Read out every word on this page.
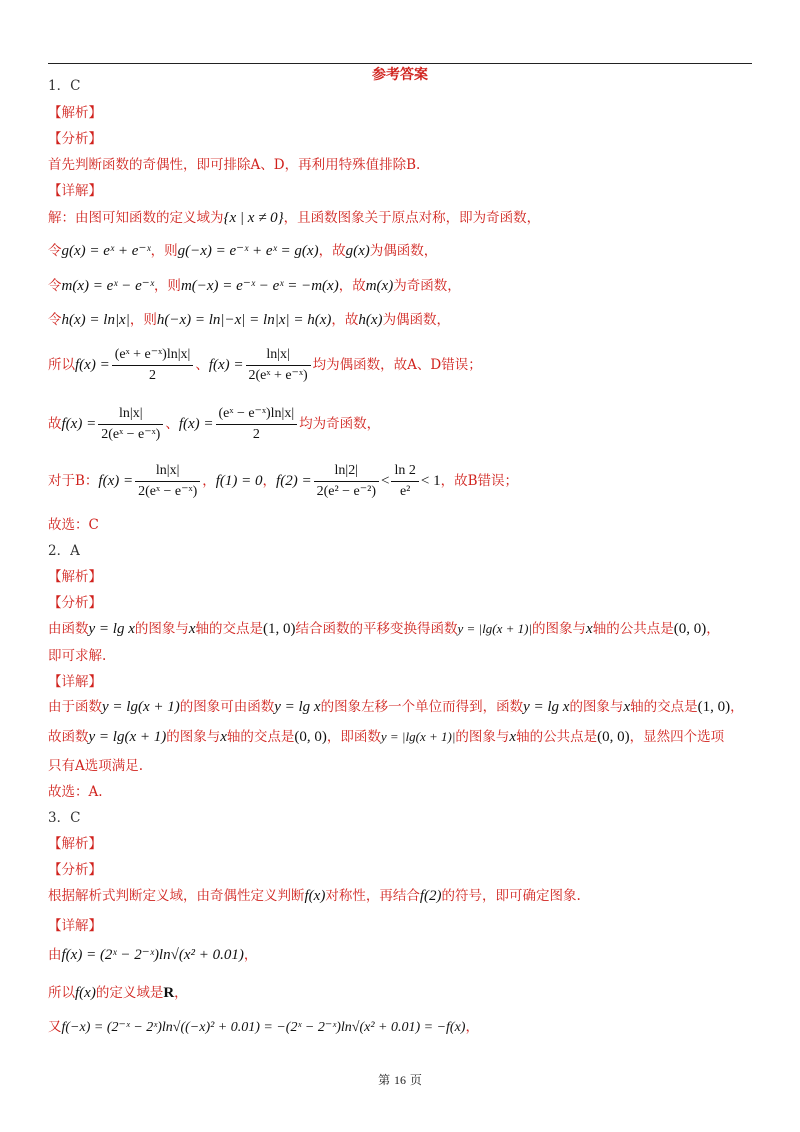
参考答案
1．C
【解析】
【分析】
首先判断函数的奇偶性，即可排除A、D，再利用特殊值排除B.
【详解】
解：由图可知函数的定义域为{x | x ≠ 0}，且函数图象关于原点对称，即为奇函数，
令g(x) = eˣ + e⁻ˣ，则g(−x) = e⁻ˣ + eˣ = g(x)，故g(x)为偶函数，
令m(x) = eˣ − e⁻ˣ，则m(−x) = e⁻ˣ − eˣ = −m(x)，故m(x)为奇函数，
令h(x) = ln|x|，则h(−x) = ln|−x| = ln|x| = h(x)，故h(x)为偶函数，
所以$f(x) = \frac{\text{(eˣ + e⁻ˣ)ln|x|}}{2}$ 、$f(x) = \frac{\ln|x|}{\text{2(eˣ + e⁻ˣ)}}$ 均为偶函数，故A、D错误；
故$f(x) = \frac{\ln|x|}{\text{2(eˣ − e⁻ˣ)}}$ 、$f(x) = \frac{\text{(eˣ − e⁻ˣ)ln|x|}}{2}$ 均为奇函数，
对于B：$f(x) = \frac{\ln|x|}{\text{2(eˣ − e⁻ˣ)}}$ ，f(1) = 0，$f(2) = \frac{\ln|2|}{\text{2(e² − e⁻²)}} < \frac{\ln 2}{\text{e²}} < 1$，故B错误；
故选：C
2．A
【解析】
【分析】
由函数y = lg x的图象与x轴的交点是(1, 0)结合函数的平移变换得函数y = |lg(x + 1)|的图象与x轴的公共点是(0, 0)，
即可求解.
【详解】
由于函数y = lg(x + 1)的图象可由函数y = lg x的图象左移一个单位而得到，函数y = lg x的图象与x轴的交点是(1, 0)，
故函数y = lg(x + 1)的图象与x轴的交点是(0, 0)，即函数y = |lg(x + 1)|的图象与x轴的公共点是(0, 0)，显然四个选项
只有A选项满足.
故选：A.
3．C
【解析】
【分析】
根据解析式判断定义域，由奇偶性定义判断f(x)对称性，再结合f(2)的符号，即可确定图象.
【详解】
由f(x) = (2ˣ − 2⁻ˣ)ln√(x² + 0.01)，
所以f(x)的定义域是R，
又f(−x) = (2⁻ˣ − 2ˣ)ln√((−x)² + 0.01) = −(2ˣ − 2⁻ˣ)ln√(x² + 0.01) = −f(x)，
第 16 页
